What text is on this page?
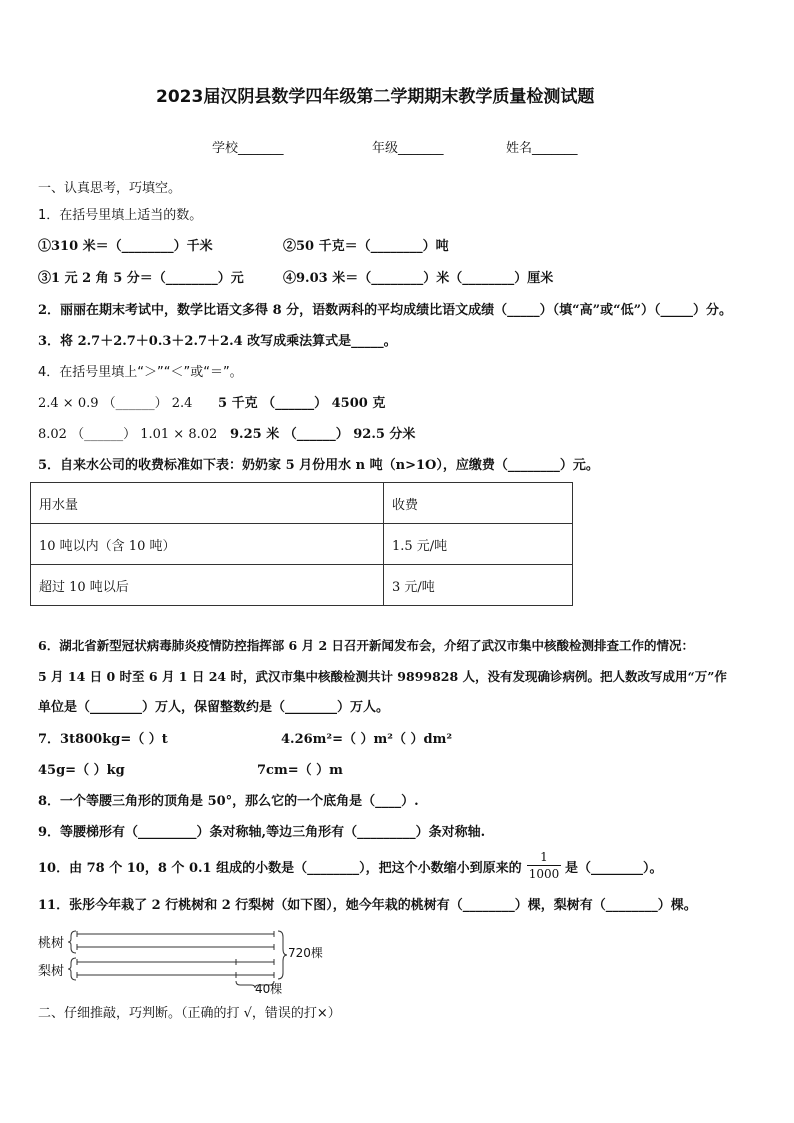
2023届汉阴县数学四年级第二学期期末教学质量检测试题
学校_______	年级_______	姓名_______
一、认真思考，巧填空。
1．在括号里填上适当的数。
①310 米＝（________）千米	②50 千克＝（________）吨
③1 元 2 角 5 分＝（________）元	④9.03 米＝（________）米（________）厘米
2．丽丽在期末考试中，数学比语文多得 8 分，语数两科的平均成绩比语文成绩（_____）（填“高”或“低”）（_____）分。
3．将 2.7＋2.7＋0.3＋2.7＋2.4 改写成乘法算式是_____。
4．在括号里填上“＞”“＜”或“＝”。
2.4 × 0.9 （______） 2.4 5 千克 （______） 4500 克
8.02 （______） 1.01 × 8.02 9.25 米 （______） 92.5 分米
5．自来水公司的收费标准如下表：奶奶家 5 月份用水 n 吨（n>1O），应缴费（________）元。
用水量	收费
10 吨以内（含 10 吨）	1.5 元/吨
超过 10 吨以后	3 元/吨
6．湖北省新型冠状病毒肺炎疫情防控指挥部 6 月 2 日召开新闻发布会，介绍了武汉市集中核酸检测排查工作的情况：
5 月 14 日 0 时至 6 月 1 日 24 时，武汉市集中核酸检测共计 9899828 人，没有发现确诊病例。把人数改写成用“万”作
单位是（________）万人，保留整数约是（________）万人。
7．3t800kg=（ ）t	4.26m²=（ ）m²（ ）dm²
45g=（ ）kg	7cm=（ ）m
8．一个等腰三角形的顶角是 50°，那么它的一个底角是（____）.
9．等腰梯形有（_________）条对称轴,等边三角形有（_________）条对称轴.
10．由 78 个 10，8 个 0.1 组成的小数是（________），把这个小数缩小到原来的
1
1000 是（________）。
11．张彤今年栽了 2 行桃树和 2 行梨树（如下图），她今年栽的桃树有（________）棵，梨树有（________）棵。
桃树
梨树
720棵
40棵
二、仔细推敲，巧判断。（正确的打 √，错误的打×）
